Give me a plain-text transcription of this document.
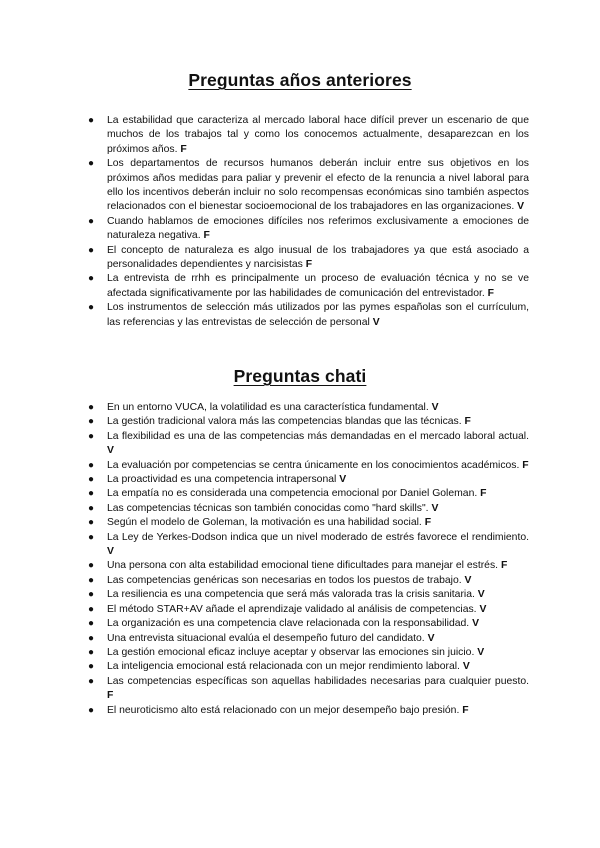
Preguntas años anteriores
● La estabilidad que caracteriza al mercado laboral hace difícil prever un escenario de que muchos de los trabajos tal y como los conocemos actualmente, desaparezcan en los próximos años. F
● Los departamentos de recursos humanos deberán incluir entre sus objetivos en los próximos años medidas para paliar y prevenir el efecto de la renuncia a nivel laboral para ello los incentivos deberán incluir no solo recompensas económicas sino también aspectos relacionados con el bienestar socioemocional de los trabajadores en las organizaciones. V
● Cuando hablamos de emociones difíciles nos referimos exclusivamente a emociones de naturaleza negativa. F
● El concepto de naturaleza es algo inusual de los trabajadores ya que está asociado a personalidades dependientes y narcisistas F
● La entrevista de rrhh es principalmente un proceso de evaluación técnica y no se ve afectada significativamente por las habilidades de comunicación del entrevistador. F
● Los instrumentos de selección más utilizados por las pymes españolas son el currículum, las referencias y las entrevistas de selección de personal V
Preguntas chati
● En un entorno VUCA, la volatilidad es una característica fundamental. V
● La gestión tradicional valora más las competencias blandas que las técnicas. F
● La flexibilidad es una de las competencias más demandadas en el mercado laboral actual. V
● La evaluación por competencias se centra únicamente en los conocimientos académicos. F
● La proactividad es una competencia intrapersonal V
● La empatía no es considerada una competencia emocional por Daniel Goleman. F
● Las competencias técnicas son también conocidas como "hard skills". V
● Según el modelo de Goleman, la motivación es una habilidad social. F
● La Ley de Yerkes-Dodson indica que un nivel moderado de estrés favorece el rendimiento. V
● Una persona con alta estabilidad emocional tiene dificultades para manejar el estrés. F
● Las competencias genéricas son necesarias en todos los puestos de trabajo. V
● La resiliencia es una competencia que será más valorada tras la crisis sanitaria. V
● El método STAR+AV añade el aprendizaje validado al análisis de competencias. V
● La organización es una competencia clave relacionada con la responsabilidad. V
● Una entrevista situacional evalúa el desempeño futuro del candidato. V
● La gestión emocional eficaz incluye aceptar y observar las emociones sin juicio. V
● La inteligencia emocional está relacionada con un mejor rendimiento laboral. V
● Las competencias específicas son aquellas habilidades necesarias para cualquier puesto. F
● El neuroticismo alto está relacionado con un mejor desempeño bajo presión. F
